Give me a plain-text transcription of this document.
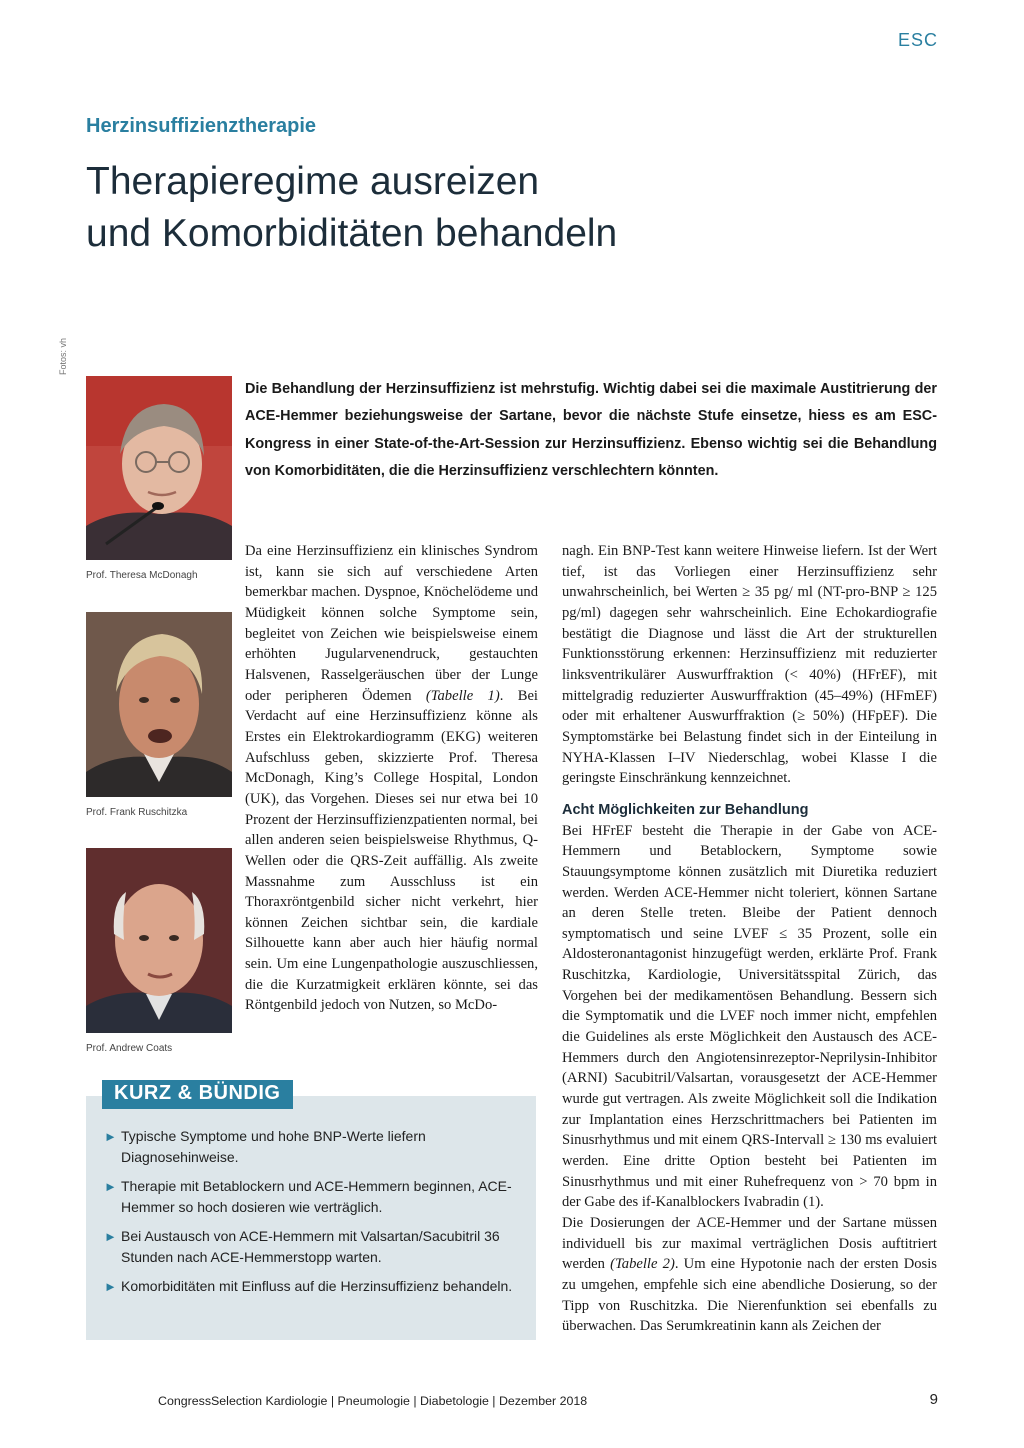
ESC
Herzinsuffizienztherapie
Therapieregime ausreizen
und Komorbiditäten behandeln
Fotos: vh
Prof. Theresa McDonagh
Prof. Frank Ruschitzka
Prof. Andrew Coats

Die Behandlung der Herzinsuffizienz ist mehrstufig. Wichtig dabei sei die maximale Austitrierung der ACE-Hemmer beziehungsweise der Sartane, bevor die nächste Stufe einsetze, hiess es am ESC-Kongress in einer State-of-the-Art-Session zur Herzinsuffizienz. Ebenso wichtig sei die Behandlung von Komorbiditäten, die die Herzinsuffizienz verschlechtern könnten.

Da eine Herzinsuffizienz ein klinisches Syndrom ist, kann sie sich auf verschiedene Arten bemerkbar machen. Dyspnoe, Knöchelödeme und Müdigkeit können solche Symptome sein, begleitet von Zeichen wie beispielsweise einem erhöhten Jugularvenendruck, gestauchten Halsvenen, Rasselgeräuschen über der Lunge oder peripheren Ödemen (Tabelle 1). Bei Verdacht auf eine Herzinsuffizienz könne als Erstes ein Elektrokardiogramm (EKG) weiteren Aufschluss geben, skizzierte Prof. Theresa McDonagh, King’s College Hospital, London (UK), das Vorgehen. Dieses sei nur etwa bei 10 Prozent der Herzinsuffizienzpatienten normal, bei allen anderen seien beispielsweise Rhythmus, Q-Wellen oder die QRS-Zeit auffällig. Als zweite Massnahme zum Ausschluss ist ein Thoraxröntgenbild sicher nicht verkehrt, hier können Zeichen sichtbar sein, die kardiale Silhouette kann aber auch hier häufig normal sein. Um eine Lungenpathologie auszuschliessen, die die Kurzatmigkeit erklären könnte, sei das Röntgenbild jedoch von Nutzen, so McDo-

nagh. Ein BNP-Test kann weitere Hinweise liefern. Ist der Wert tief, ist das Vorliegen einer Herzinsuffizienz sehr unwahrscheinlich, bei Werten ≥ 35 pg/ ml (NT-pro-BNP ≥ 125 pg/ml) dagegen sehr wahrscheinlich. Eine Echokardiografie bestätigt die Diagnose und lässt die Art der strukturellen Funktionsstörung erkennen: Herzinsuffizienz mit reduzierter linksventrikulärer Auswurffraktion (< 40%) (HFrEF), mit mittelgradig reduzierter Auswurffraktion (45–49%) (HFmEF) oder mit erhaltener Auswurffraktion (≥ 50%) (HFpEF). Die Symptomstärke bei Belastung findet sich in der Einteilung in NYHA-Klassen I–IV Niederschlag, wobei Klasse I die geringste Einschränkung kennzeichnet.

Acht Möglichkeiten zur Behandlung

Bei HFrEF besteht die Therapie in der Gabe von ACE-Hemmern und Betablockern, Symptome sowie Stauungsymptome können zusätzlich mit Diuretika reduziert werden. Werden ACE-Hemmer nicht toleriert, können Sartane an deren Stelle treten. Bleibe der Patient dennoch symptomatisch und seine LVEF ≤ 35 Prozent, solle ein Aldosteronantagonist hinzugefügt werden, erklärte Prof. Frank Ruschitzka, Kardiologie, Universitätsspital Zürich, das Vorgehen bei der medikamentösen Behandlung. Bessern sich die Symptomatik und die LVEF noch immer nicht, empfehlen die Guidelines als erste Möglichkeit den Austausch des ACE-Hemmers durch den Angiotensinrezeptor-Neprilysin-Inhibitor (ARNI) Sacubitril/Valsartan, vorausgesetzt der ACE-Hemmer wurde gut vertragen. Als zweite Möglichkeit soll die Indikation zur Implantation eines Herzschrittmachers bei Patienten im Sinusrhythmus und mit einem QRS-Intervall ≥ 130 ms evaluiert werden. Eine dritte Option besteht bei Patienten im Sinusrhythmus und mit einer Ruhefrequenz von > 70 bpm in der Gabe des if-Kanalblockers Ivabradin (1).

Die Dosierungen der ACE-Hemmer und der Sartane müssen individuell bis zur maximal verträglichen Dosis auftitriert werden (Tabelle 2). Um eine Hypotonie nach der ersten Dosis zu umgehen, empfehle sich eine abendliche Dosierung, so der Tipp von Ruschitzka. Die Nierenfunktion sei ebenfalls zu überwachen. Das Serumkreatinin kann als Zeichen der

KURZ & BÜNDIG
► Typische Symptome und hohe BNP-Werte liefern Diagnosehinweise.
► Therapie mit Betablockern und ACE-Hemmern beginnen, ACE-Hemmer so hoch dosieren wie verträglich.
► Bei Austausch von ACE-Hemmern mit Valsartan/Sacubitril 36 Stunden nach ACE-Hemmerstopp warten.
► Komorbiditäten mit Einfluss auf die Herzinsuffizienz behandeln.
CongressSelection Kardiologie | Pneumologie | Diabetologie | Dezember 2018	9
